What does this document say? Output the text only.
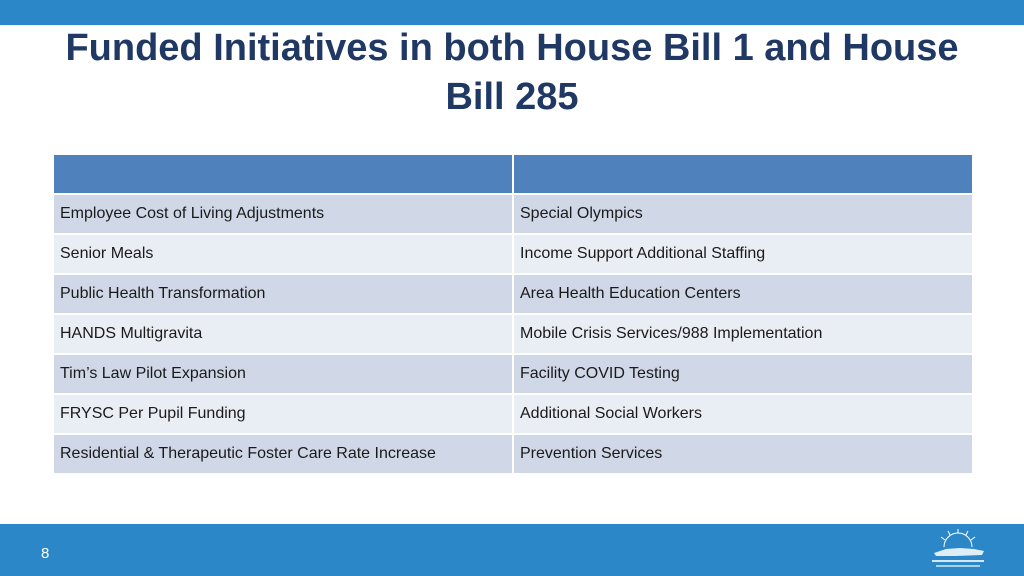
Funded Initiatives in both House Bill 1 and House Bill 285

Employee Cost of Living Adjustments	Special Olympics
Senior Meals	Income Support Additional Staffing
Public Health Transformation	Area Health Education Centers
HANDS Multigravita	Mobile Crisis Services/988 Implementation
Tim’s Law Pilot Expansion	Facility COVID Testing
FRYSC Per Pupil Funding	Additional Social Workers
Residential & Therapeutic Foster Care Rate Increase	Prevention Services
8
